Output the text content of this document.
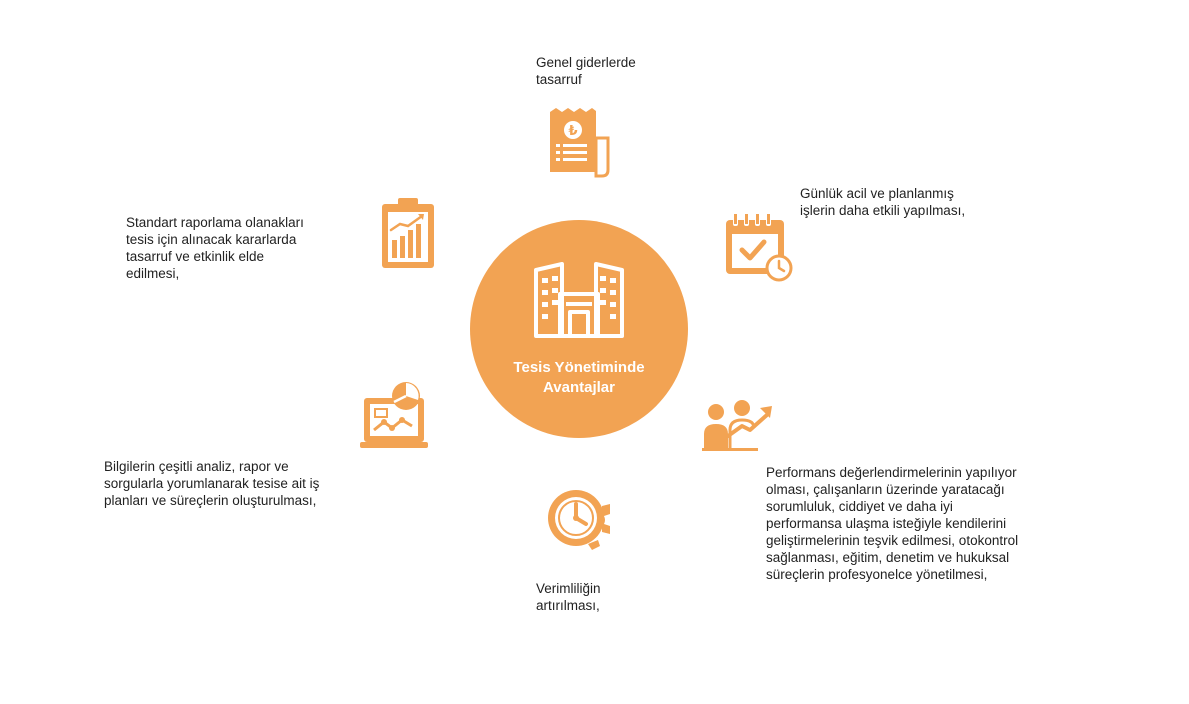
Tesis Yönetiminde
Avantajlar
₺
Genel giderlerde
tasarruf
Günlük acil ve planlanmış
işlerin daha etkili yapılması,
Performans değerlendirmelerinin yapılıyor
olması, çalışanların üzerinde yaratacağı
sorumluluk, ciddiyet ve daha iyi
performansa ulaşma isteğiyle kendilerini
geliştirmelerinin teşvik edilmesi, otokontrol
sağlanması, eğitim, denetim ve hukuksal
süreçlerin profesyonelce yönetilmesi,
Verimliliğin
artırılması,
Bilgilerin çeşitli analiz, rapor ve
sorgularla yorumlanarak tesise ait iş
planları ve süreçlerin oluşturulması,
Standart raporlama olanakları
tesis için alınacak kararlarda
tasarruf ve etkinlik elde
edilmesi,
